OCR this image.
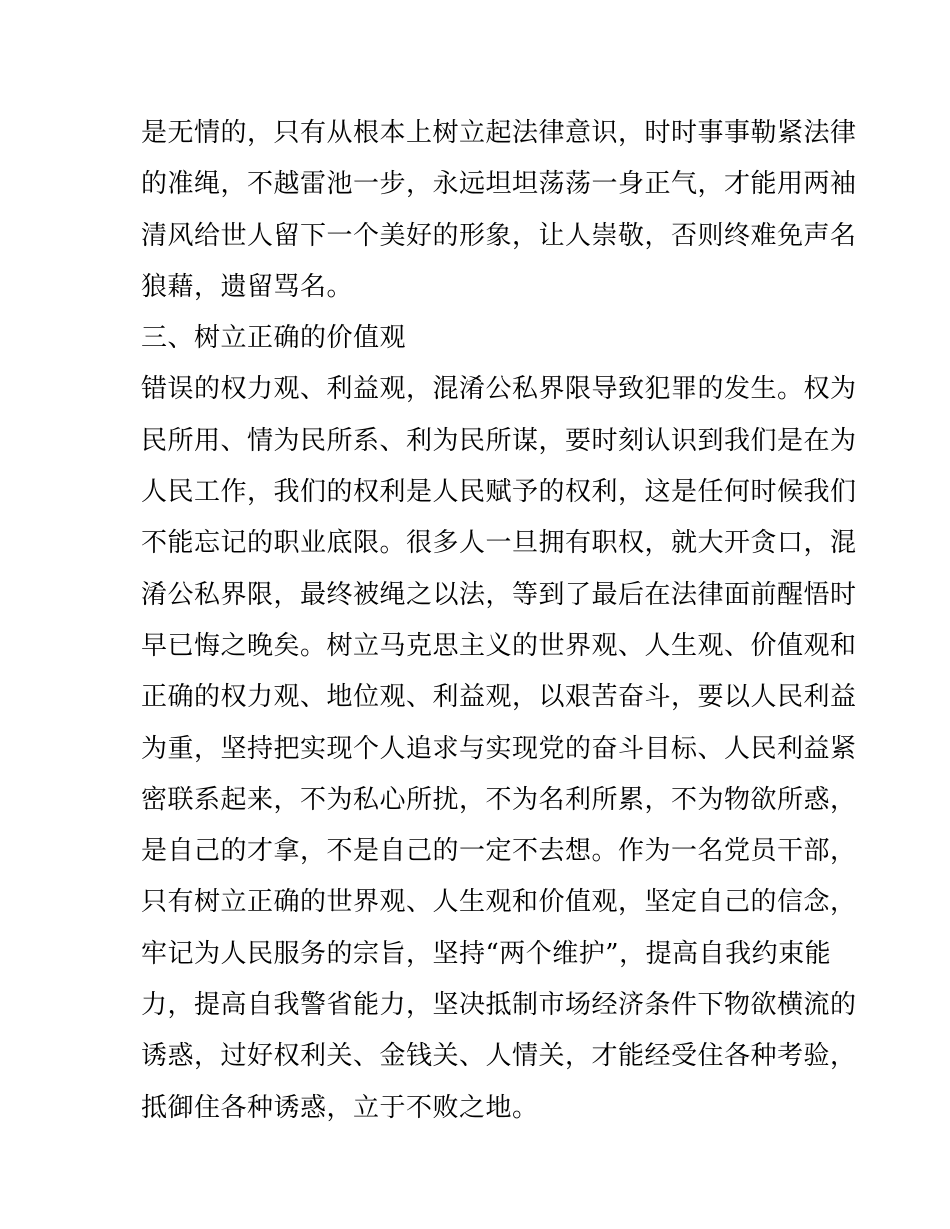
是无情的，只有从根本上树立起法律意识，时时事事勒紧法律
的准绳，不越雷池一步，永远坦坦荡荡一身正气，才能用两袖
清风给世人留下一个美好的形象，让人崇敬，否则终难免声名
狼藉，遗留骂名。
三、树立正确的价值观
错误的权力观、利益观，混淆公私界限导致犯罪的发生。权为
民所用、情为民所系、利为民所谋，要时刻认识到我们是在为
人民工作，我们的权利是人民赋予的权利，这是任何时候我们
不能忘记的职业底限。很多人一旦拥有职权，就大开贪口，混
淆公私界限，最终被绳之以法，等到了最后在法律面前醒悟时
早已悔之晚矣。树立马克思主义的世界观、人生观、价值观和
正确的权力观、地位观、利益观，以艰苦奋斗，要以人民利益
为重，坚持把实现个人追求与实现党的奋斗目标、人民利益紧
密联系起来，不为私心所扰，不为名利所累，不为物欲所惑，
是自己的才拿，不是自己的一定不去想。作为一名党员干部，
只有树立正确的世界观、人生观和价值观，坚定自己的信念，
牢记为人民服务的宗旨，坚持“两个维护”，提高自我约束能
力，提高自我警省能力，坚决抵制市场经济条件下物欲横流的
诱惑，过好权利关、金钱关、人情关，才能经受住各种考验，
抵御住各种诱惑，立于不败之地。
